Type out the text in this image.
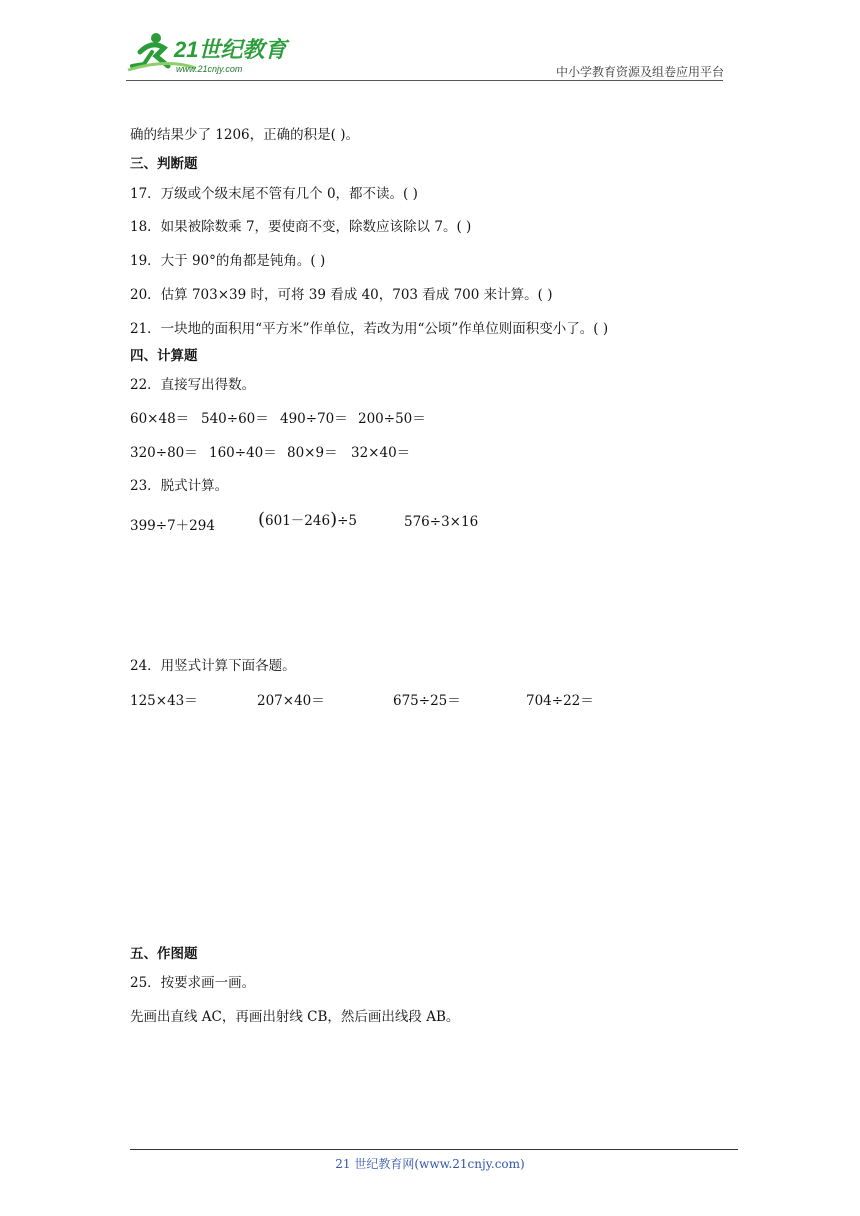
21世纪教育
www.21cnjy.com	中小学教育资源及组卷应用平台
确的结果少了 1206，正确的积是( )。
三、判断题
17．万级或个级末尾不管有几个 0，都不读。( )
18．如果被除数乘 7，要使商不变，除数应该除以 7。( )
19．大于 90°的角都是钝角。( )
20．估算 703×39 时，可将 39 看成 40，703 看成 700 来计算。( )
21．一块地的面积用“平方米”作单位，若改为用“公顷”作单位则面积变小了。( )
四、计算题
22．直接写出得数。
60×48＝ 540÷60＝ 490÷70＝ 200÷50＝
320÷80＝ 160÷40＝ 80×9＝ 32×40＝
23．脱式计算。
399÷7＋294 (601－246)÷5	576÷3×16
24．用竖式计算下面各题。
125×43＝	207×40＝	675÷25＝	704÷22＝
五、作图题
25．按要求画一画。
先画出直线 AC，再画出射线 CB，然后画出线段 AB。
21 世纪教育网(www.21cnjy.com)
